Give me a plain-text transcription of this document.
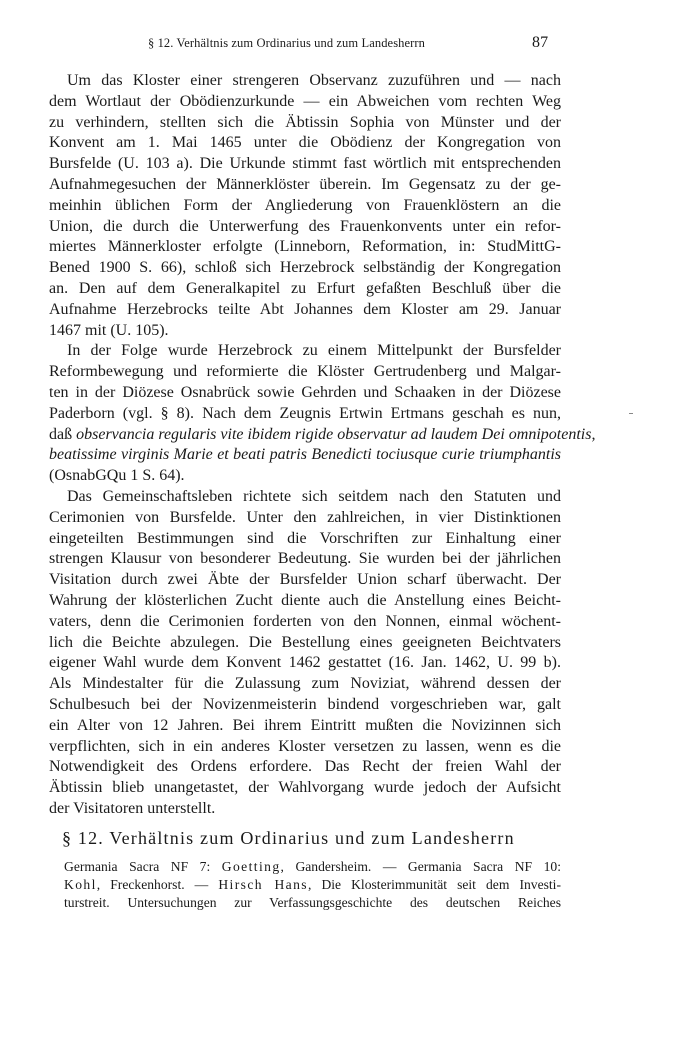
§ 12. Verhältnis zum Ordinarius und zum Landesherrn	87
Um das Kloster einer strengeren Observanz zuzuführen und — nach
dem Wortlaut der Obödienzurkunde — ein Abweichen vom rechten Weg
zu verhindern, stellten sich die Äbtissin Sophia von Münster und der
Konvent am 1. Mai 1465 unter die Obödienz der Kongregation von
Bursfelde (U. 103 a). Die Urkunde stimmt fast wörtlich mit entsprechenden
Aufnahmegesuchen der Männerklöster überein. Im Gegensatz zu der ge-
meinhin üblichen Form der Angliederung von Frauenklöstern an die
Union, die durch die Unterwerfung des Frauenkonvents unter ein refor-
miertes Männerkloster erfolgte (Linneborn, Reformation, in: StudMittG-
Bened 1900 S. 66), schloß sich Herzebrock selbständig der Kongregation
an. Den auf dem Generalkapitel zu Erfurt gefaßten Beschluß über die
Aufnahme Herzebrocks teilte Abt Johannes dem Kloster am 29. Januar
1467 mit (U. 105).
In der Folge wurde Herzebrock zu einem Mittelpunkt der Bursfelder
Reformbewegung und reformierte die Klöster Gertrudenberg und Malgar-
ten in der Diözese Osnabrück sowie Gehrden und Schaaken in der Diözese
Paderborn (vgl. § 8). Nach dem Zeugnis Ertwin Ertmans geschah es nun,
daß observancia regularis vite ibidem rigide observatur ad laudem Dei omnipotentis,
beatissime virginis Marie et beati patris Benedicti tociusque curie triumphantis
(OsnabGQu 1 S. 64).
Das Gemeinschaftsleben richtete sich seitdem nach den Statuten und
Cerimonien von Bursfelde. Unter den zahlreichen, in vier Distinktionen
eingeteilten Bestimmungen sind die Vorschriften zur Einhaltung einer
strengen Klausur von besonderer Bedeutung. Sie wurden bei der jährlichen
Visitation durch zwei Äbte der Bursfelder Union scharf überwacht. Der
Wahrung der klösterlichen Zucht diente auch die Anstellung eines Beicht-
vaters, denn die Cerimonien forderten von den Nonnen, einmal wöchent-
lich die Beichte abzulegen. Die Bestellung eines geeigneten Beichtvaters
eigener Wahl wurde dem Konvent 1462 gestattet (16. Jan. 1462, U. 99 b).
Als Mindestalter für die Zulassung zum Noviziat, während dessen der
Schulbesuch bei der Novizenmeisterin bindend vorgeschrieben war, galt
ein Alter von 12 Jahren. Bei ihrem Eintritt mußten die Novizinnen sich
verpflichten, sich in ein anderes Kloster versetzen zu lassen, wenn es die
Notwendigkeit des Ordens erfordere. Das Recht der freien Wahl der
Äbtissin blieb unangetastet, der Wahlvorgang wurde jedoch der Aufsicht
der Visitatoren unterstellt.
§ 12. Verhältnis zum Ordinarius und zum Landesherrn
Germania Sacra NF 7: Goetting, Gandersheim. — Germania Sacra NF 10:
Kohl, Freckenhorst. — Hirsch Hans, Die Klosterimmunität seit dem Investi-
turstreit. Untersuchungen zur Verfassungsgeschichte des deutschen Reiches
